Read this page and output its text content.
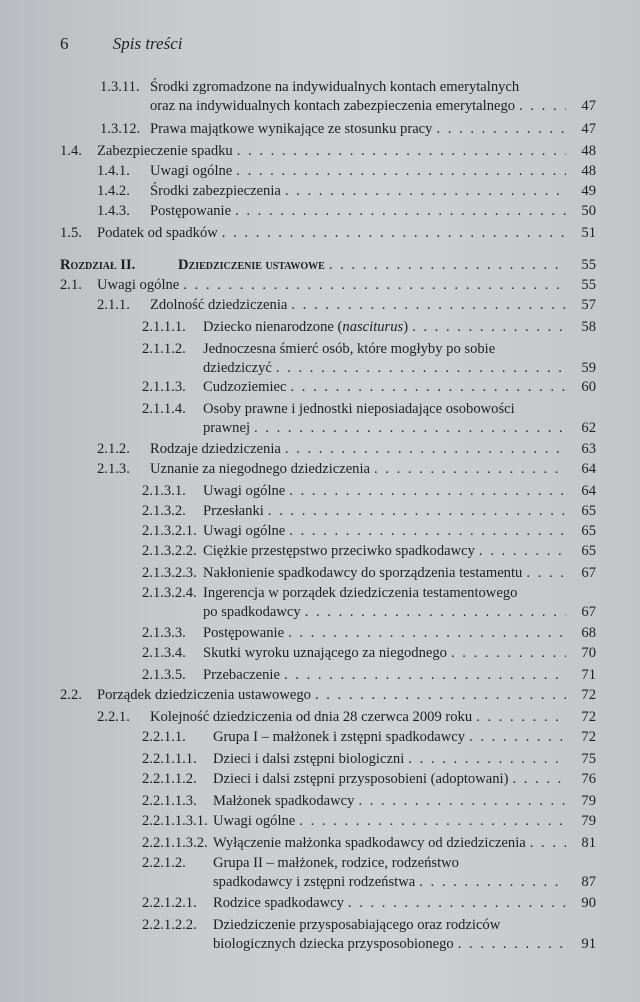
6	Spis treści
1.3.11. Środki zgromadzone na indywidualnych kontach emerytalnych
oraz na indywidualnych kontach zabezpieczenia emerytalnego . . .	47
1.3.12. Prawa majątkowe wynikające ze stosunku pracy . . .	47
1.4. Zabezpieczenie spadku . . .	48
1.4.1. Uwagi ogólne . . .	48
1.4.2. Środki zabezpieczenia . . .	49
1.4.3. Postępowanie . . .	50
1.5. Podatek od spadków . . .	51
Rozdział II.	Dziedziczenie ustawowe . . .	55
2.1. Uwagi ogólne . . .	55
2.1.1. Zdolność dziedziczenia . . .	57
2.1.1.1. Dziecko nienarodzone (nasciturus) . . .	58
2.1.1.2. Jednoczesna śmierć osób, które mogłyby po sobie
dziedziczyć . . .	59
2.1.1.3. Cudzoziemiec . . .	60
2.1.1.4. Osoby prawne i jednostki nieposiadające osobowości
prawnej . . .	62
2.1.2. Rodzaje dziedziczenia . . .	63
2.1.3. Uznanie za niegodnego dziedziczenia . . .	64
2.1.3.1. Uwagi ogólne . . .	64
2.1.3.2. Przesłanki . . .	65
2.1.3.2.1. Uwagi ogólne . . .	65
2.1.3.2.2. Ciężkie przestępstwo przeciwko spadkodawcy . . .	65
2.1.3.2.3. Nakłonienie spadkodawcy do sporządzenia testamentu . . .	67
2.1.3.2.4. Ingerencja w porządek dziedziczenia testamentowego
po spadkodawcy . . .	67
2.1.3.3. Postępowanie . . .	68
2.1.3.4. Skutki wyroku uznającego za niegodnego . . .	70
2.1.3.5. Przebaczenie . . .	71
2.2. Porządek dziedziczenia ustawowego . . .	72
2.2.1. Kolejność dziedziczenia od dnia 28 czerwca 2009 roku . . .	72
2.2.1.1. Grupa I – małżonek i zstępni spadkodawcy . . .	72
2.2.1.1.1. Dzieci i dalsi zstępni biologiczni . . .	75
2.2.1.1.2. Dzieci i dalsi zstępni przysposobieni (adoptowani) . . .	76
2.2.1.1.3. Małżonek spadkodawcy . . .	79
2.2.1.1.3.1. Uwagi ogólne . . .	79
2.2.1.1.3.2. Wyłączenie małżonka spadkodawcy od dziedziczenia . . .	81
2.2.1.2. Grupa II – małżonek, rodzice, rodzeństwo
spadkodawcy i zstępni rodzeństwa . . .	87
2.2.1.2.1. Rodzice spadkodawcy . . .	90
2.2.1.2.2. Dziedziczenie przysposabiającego oraz rodziców
biologicznych dziecka przysposobionego . . .	91
